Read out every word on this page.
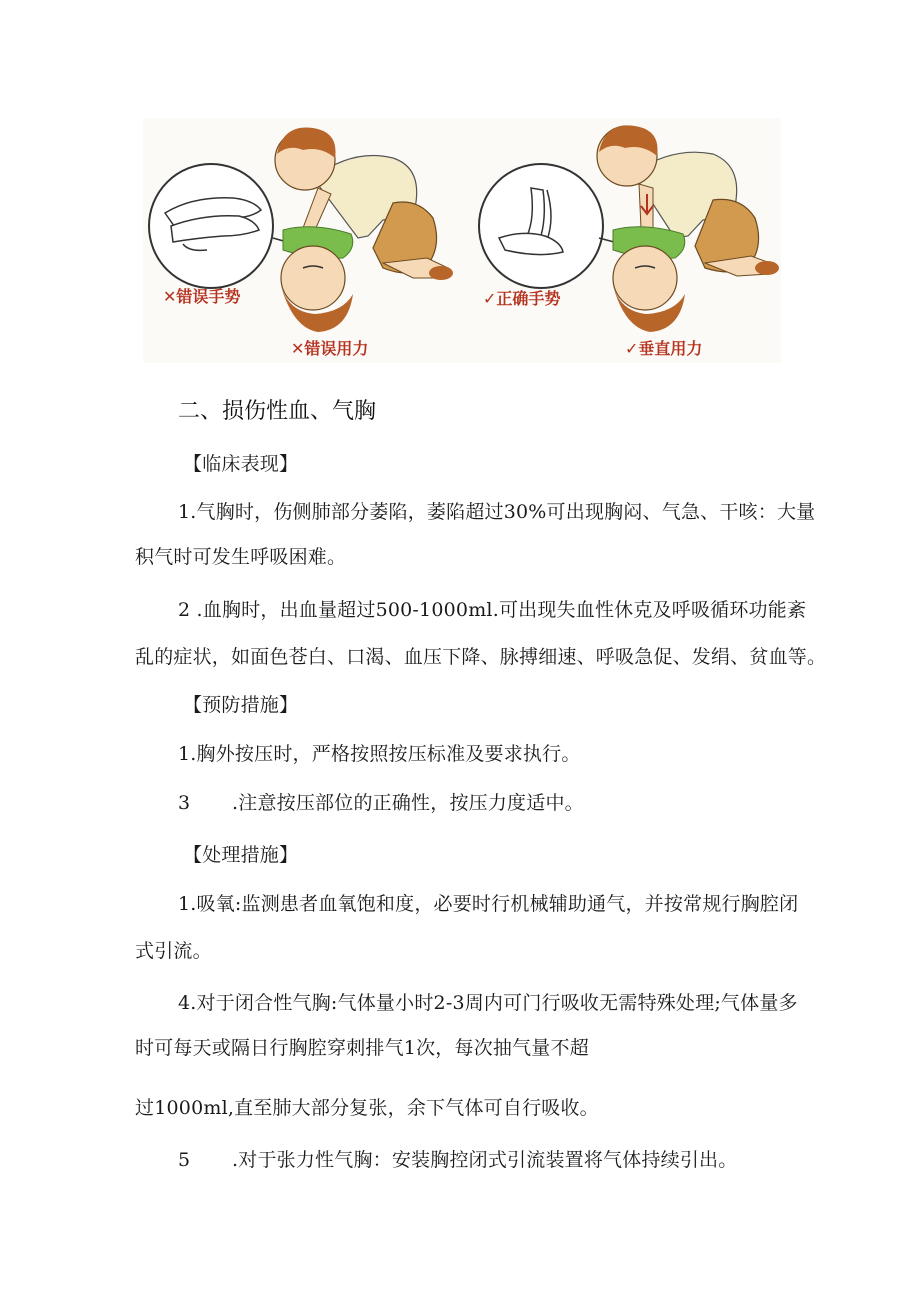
✕错误手势
✕错误用力
✓正确手势
✓垂直用力
二、损伤性血、气胸
【临床表现】
1.气胸时，伤侧肺部分萎陷，萎陷超过30%可出现胸闷、气急、干咳：大量
积气时可发生呼吸困难。
2 .血胸时，出血量超过500-1000ml.可出现失血性休克及呼吸循环功能紊
乱的症状，如面色苍白、口渴、血压下降、脉搏细速、呼吸急促、发绢、贫血等。
【预防措施】
1.胸外按压时，严格按照按压标准及要求执行。
3 .注意按压部位的正确性，按压力度适中。
【处理措施】
1.吸氧:监测患者血氧饱和度，必要时行机械辅助通气，并按常规行胸腔闭
式引流。
4.对于闭合性气胸:气体量小时2-3周内可门行吸收无需特殊处理;气体量多
时可每天或隔日行胸腔穿刺排气1次，每次抽气量不超
过1000ml,直至肺大部分复张，余下气体可自行吸收。
5 .对于张力性气胸：安装胸控闭式引流装置将气体持续引出。
